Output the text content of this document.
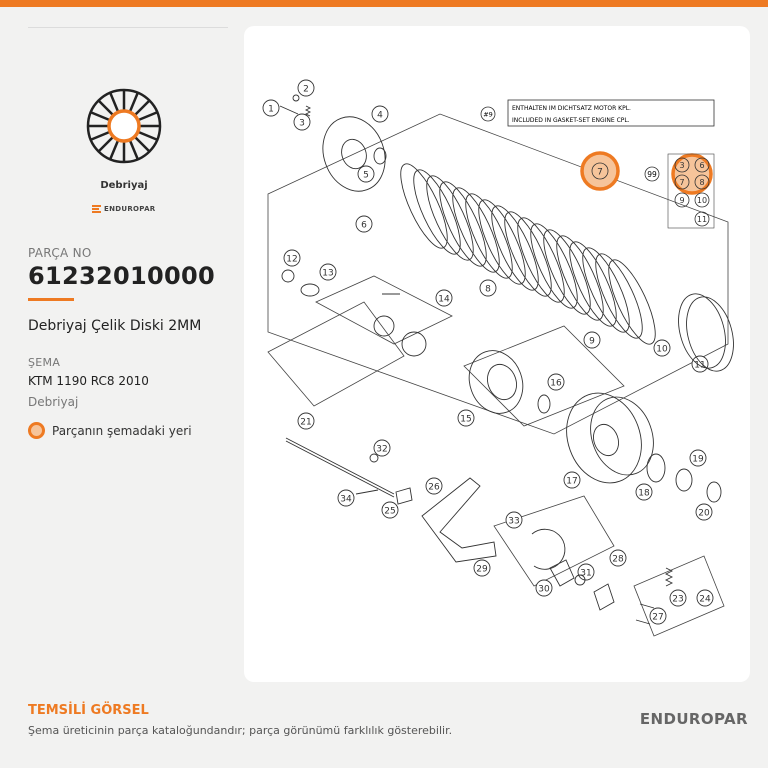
Debriyaj
ENDUROPAR
PARÇA NO
61232010000
Debriyaj Çelik Diski 2MM
ŞEMA
KTM 1190 RC8 2010
Debriyaj
Parçanın şemadaki yeri
7
3 6
7 8
9 10
11
1
2
3
4
5
6
8
9
10
11
12
13
14
15
16
17
18
19
20
21
23 24
25
26
27
28
29
30
31
32
33
34
ENTHALTEN IM DICHTSATZ MOTOR KPL.
INCLUDED IN GASKET-SET ENGINE CPL.
#9
99
TEMSİLİ GÖRSEL
Şema üreticinin parça kataloğundandır; parça görünümü farklılık gösterebilir.
ENDUROPAR
